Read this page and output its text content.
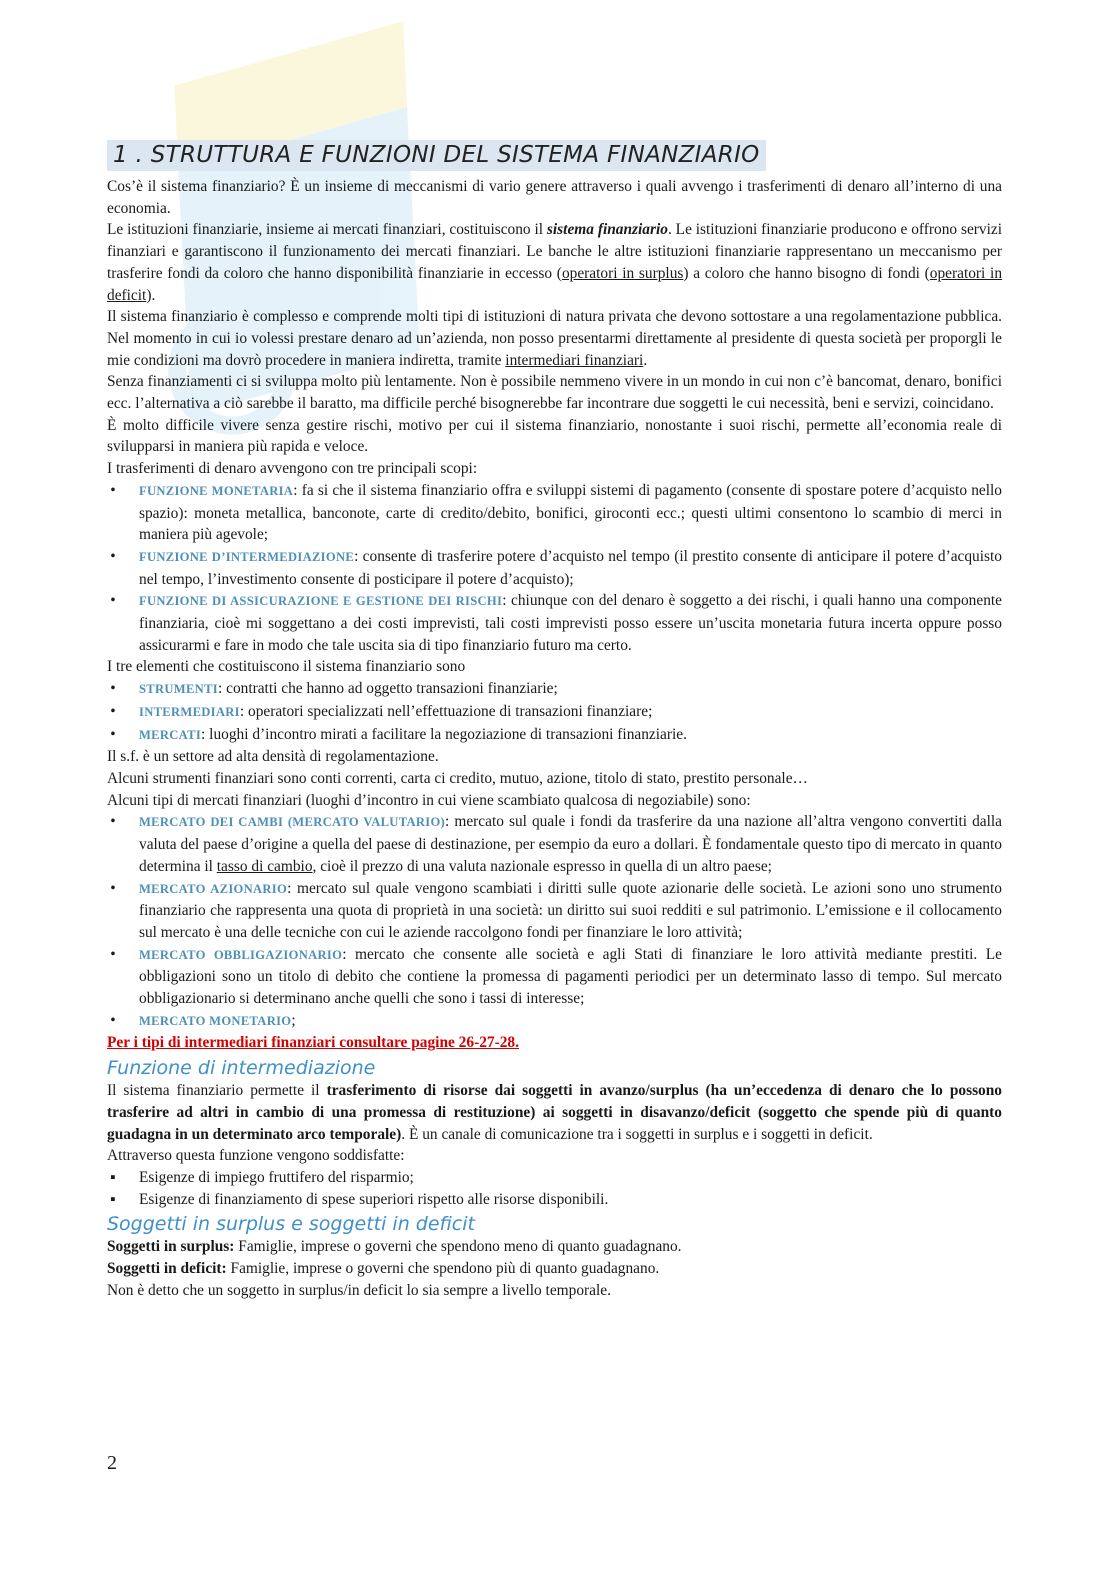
1 . STRUTTURA E FUNZIONI DEL SISTEMA FINANZIARIO

Cos’è il sistema finanziario? È un insieme di meccanismi di vario genere attraverso i quali avvengo i trasferimenti di denaro all’interno di una economia.

Le istituzioni finanziarie, insieme ai mercati finanziari, costituiscono il sistema finanziario. Le istituzioni finanziarie producono e offrono servizi finanziari e garantiscono il funzionamento dei mercati finanziari. Le banche le altre istituzioni finanziarie rappresentano un meccanismo per trasferire fondi da coloro che hanno disponibilità finanziarie in eccesso (operatori in surplus) a coloro che hanno bisogno di fondi (operatori in deficit).

Il sistema finanziario è complesso e comprende molti tipi di istituzioni di natura privata che devono sottostare a una regolamentazione pubblica. Nel momento in cui io volessi prestare denaro ad un’azienda, non posso presentarmi direttamente al presidente di questa società per proporgli le mie condizioni ma dovrò procedere in maniera indiretta, tramite intermediari finanziari.

Senza finanziamenti ci si sviluppa molto più lentamente. Non è possibile nemmeno vivere in un mondo in cui non c’è bancomat, denaro, bonifici ecc. l’alternativa a ciò sarebbe il baratto, ma difficile perché bisognerebbe far incontrare due soggetti le cui necessità, beni e servizi, coincidano.

È molto difficile vivere senza gestire rischi, motivo per cui il sistema finanziario, nonostante i suoi rischi, permette all’economia reale di svilupparsi in maniera più rapida e veloce.

I trasferimenti di denaro avvengono con tre principali scopi:

• FUNZIONE MONETARIA: fa si che il sistema finanziario offra e sviluppi sistemi di pagamento (consente di spostare potere d’acquisto nello spazio): moneta metallica, banconote, carte di credito/debito, bonifici, giroconti ecc.; questi ultimi consentono lo scambio di merci in maniera più agevole;
• FUNZIONE D’INTERMEDIAZIONE: consente di trasferire potere d’acquisto nel tempo (il prestito consente di anticipare il potere d’acquisto nel tempo, l’investimento consente di posticipare il potere d’acquisto);
• FUNZIONE DI ASSICURAZIONE E GESTIONE DEI RISCHI: chiunque con del denaro è soggetto a dei rischi, i quali hanno una componente finanziaria, cioè mi soggettano a dei costi imprevisti, tali costi imprevisti posso essere un’uscita monetaria futura incerta oppure posso assicurarmi e fare in modo che tale uscita sia di tipo finanziario futuro ma certo.

I tre elementi che costituiscono il sistema finanziario sono

• STRUMENTI: contratti che hanno ad oggetto transazioni finanziarie;
• INTERMEDIARI: operatori specializzati nell’effettuazione di transazioni finanziare;
• MERCATI: luoghi d’incontro mirati a facilitare la negoziazione di transazioni finanziarie.

Il s.f. è un settore ad alta densità di regolamentazione.

Alcuni strumenti finanziari sono conti correnti, carta ci credito, mutuo, azione, titolo di stato, prestito personale…

Alcuni tipi di mercati finanziari (luoghi d’incontro in cui viene scambiato qualcosa di negoziabile) sono:

• MERCATO DEI CAMBI (MERCATO VALUTARIO): mercato sul quale i fondi da trasferire da una nazione all’altra vengono convertiti dalla valuta del paese d’origine a quella del paese di destinazione, per esempio da euro a dollari. È fondamentale questo tipo di mercato in quanto determina il tasso di cambio, cioè il prezzo di una valuta nazionale espresso in quella di un altro paese;
• MERCATO AZIONARIO: mercato sul quale vengono scambiati i diritti sulle quote azionarie delle società. Le azioni sono uno strumento finanziario che rappresenta una quota di proprietà in una società: un diritto sui suoi redditi e sul patrimonio. L’emissione e il collocamento sul mercato è una delle tecniche con cui le aziende raccolgono fondi per finanziare le loro attività;
• MERCATO OBBLIGAZIONARIO: mercato che consente alle società e agli Stati di finanziare le loro attività mediante prestiti. Le obbligazioni sono un titolo di debito che contiene la promessa di pagamenti periodici per un determinato lasso di tempo. Sul mercato obbligazionario si determinano anche quelli che sono i tassi di interesse;
• MERCATO MONETARIO;

Per i tipi di intermediari finanziari consultare pagine 26-27-28.

Funzione di intermediazione

Il sistema finanziario permette il trasferimento di risorse dai soggetti in avanzo/surplus (ha un’eccedenza di denaro che lo possono trasferire ad altri in cambio di una promessa di restituzione) ai soggetti in disavanzo/deficit (soggetto che spende più di quanto guadagna in un determinato arco temporale). È un canale di comunicazione tra i soggetti in surplus e i soggetti in deficit.

Attraverso questa funzione vengono soddisfatte:

▪ Esigenze di impiego fruttifero del risparmio;
▪ Esigenze di finanziamento di spese superiori rispetto alle risorse disponibili.
Soggetti in surplus e soggetti in deficit

Soggetti in surplus: Famiglie, imprese o governi che spendono meno di quanto guadagnano.

Soggetti in deficit: Famiglie, imprese o governi che spendono più di quanto guadagnano.

Non è detto che un soggetto in surplus/in deficit lo sia sempre a livello temporale.

2
